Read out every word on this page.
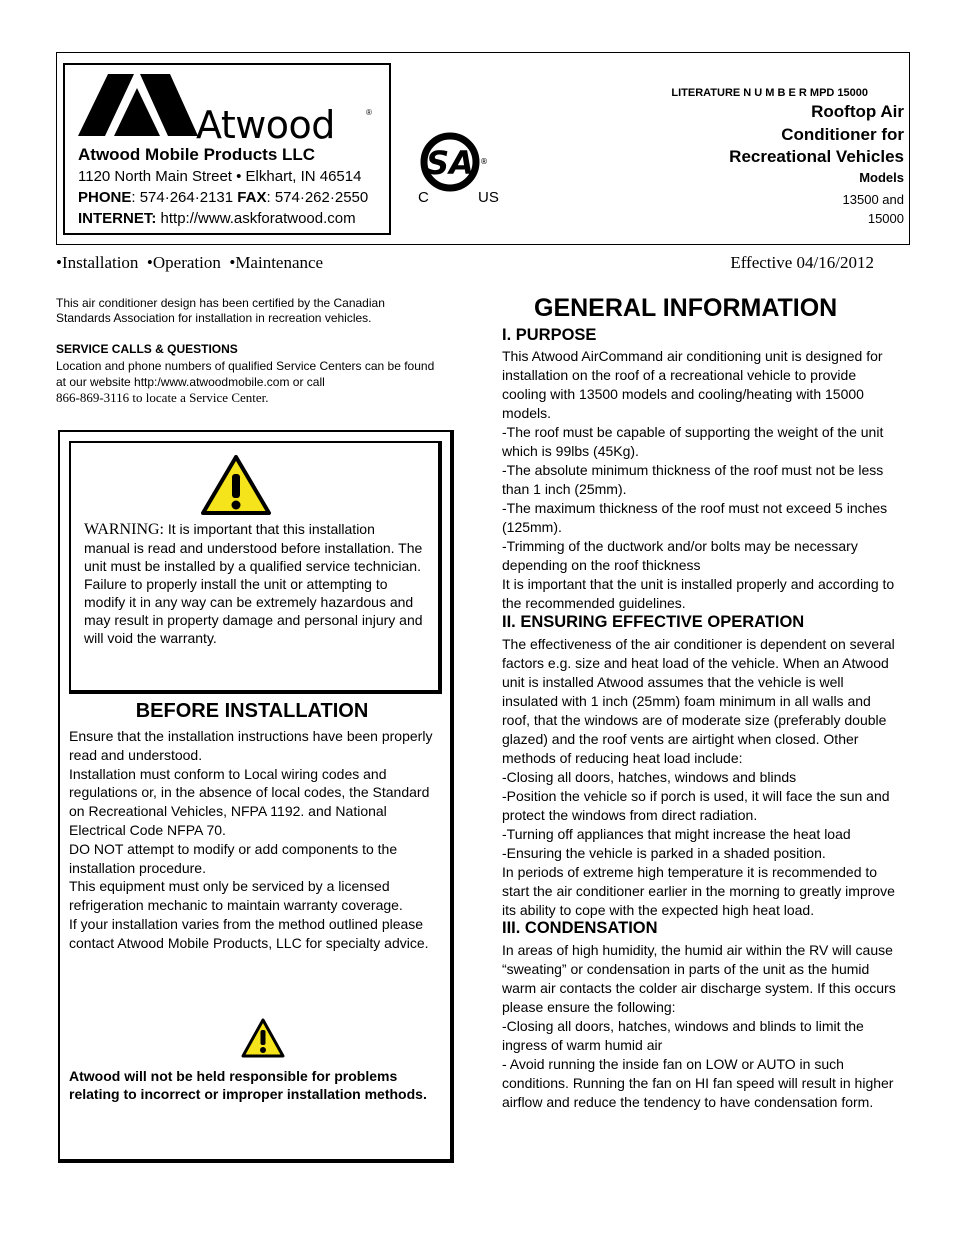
Atwood	®
Atwood Mobile Products LLC
1120 North Main Street • Elkhart, IN 46514
PHONE: 574·264·2131 FAX: 574·262·2550
INTERNET: http://www.askforatwood.com
SA ®
C	US
LITERATURE N U M B E R MPD 15000
Rooftop Air
Conditioner for
Recreational Vehicles
Models
13500 and
15000
•Installation  •Operation  •Maintenance	Effective 04/16/2012
This air conditioner design has been certified by the Canadian Standards Association for installation in recreation vehicles.
SERVICE CALLS & QUESTIONS
Location and phone numbers of qualified Service Centers can be found at our website http:/www.atwoodmobile.com or call
866-869-3116 to locate a Service Center.
WARNING: It is important that this installation manual is read and understood before installation. The unit must be installed by a qualified service technician. Failure to properly install the unit or attempting to modify it in any way can be extremely hazardous and may result in property damage and personal injury and will void the warranty.
BEFORE INSTALLATION

Ensure that the installation instructions have been properly read and understood.

Installation must conform to Local wiring codes and regulations or, in the absence of local codes, the Standard on Recreational Vehicles, NFPA 1192. and National Electrical Code NFPA 70.

DO NOT attempt to modify or add components to the installation procedure.

This equipment must only be serviced by a licensed refrigeration mechanic to maintain warranty coverage.

If your installation varies from the method outlined please contact Atwood Mobile Products, LLC for specialty advice.

Atwood will not be held responsible for problems relating to incorrect or improper installation methods.
GENERAL INFORMATION
I. PURPOSE

This Atwood AirCommand air conditioning unit is designed for installation on the roof of a recreational vehicle to provide cooling with 13500 models and cooling/heating with 15000 models.

-The roof must be capable of supporting the weight of the unit which is 99lbs (45Kg).

-The absolute minimum thickness of the roof must not be less than 1 inch (25mm).

-The maximum thickness of the roof must not exceed 5 inches (125mm).

-Trimming of the ductwork and/or bolts may be necessary depending on the roof thickness

It is important that the unit is installed properly and according to the recommended guidelines.

II. ENSURING EFFECTIVE OPERATION

The effectiveness of the air conditioner is dependent on several factors e.g. size and heat load of the vehicle. When an Atwood unit is installed Atwood assumes that the vehicle is well insulated with 1 inch (25mm) foam minimum in all walls and roof, that the windows are of moderate size (preferably double glazed) and the roof vents are airtight when closed. Other methods of reducing heat load include:

-Closing all doors, hatches, windows and blinds

-Position the vehicle so if porch is used, it will face the sun and protect the windows from direct radiation.

-Turning off appliances that might increase the heat load

-Ensuring the vehicle is parked in a shaded position.

In periods of extreme high temperature it is recommended to start the air conditioner earlier in the morning to greatly improve its ability to cope with the expected high heat load.

III. CONDENSATION

In areas of high humidity, the humid air within the RV will cause “sweating” or condensation in parts of the unit as the humid warm air contacts the colder air discharge system. If this occurs please ensure the following:

-Closing all doors, hatches, windows and blinds to limit the ingress of warm humid air

- Avoid running the inside fan on LOW or AUTO in such conditions. Running the fan on HI fan speed will result in higher airflow and reduce the tendency to have condensation form.
